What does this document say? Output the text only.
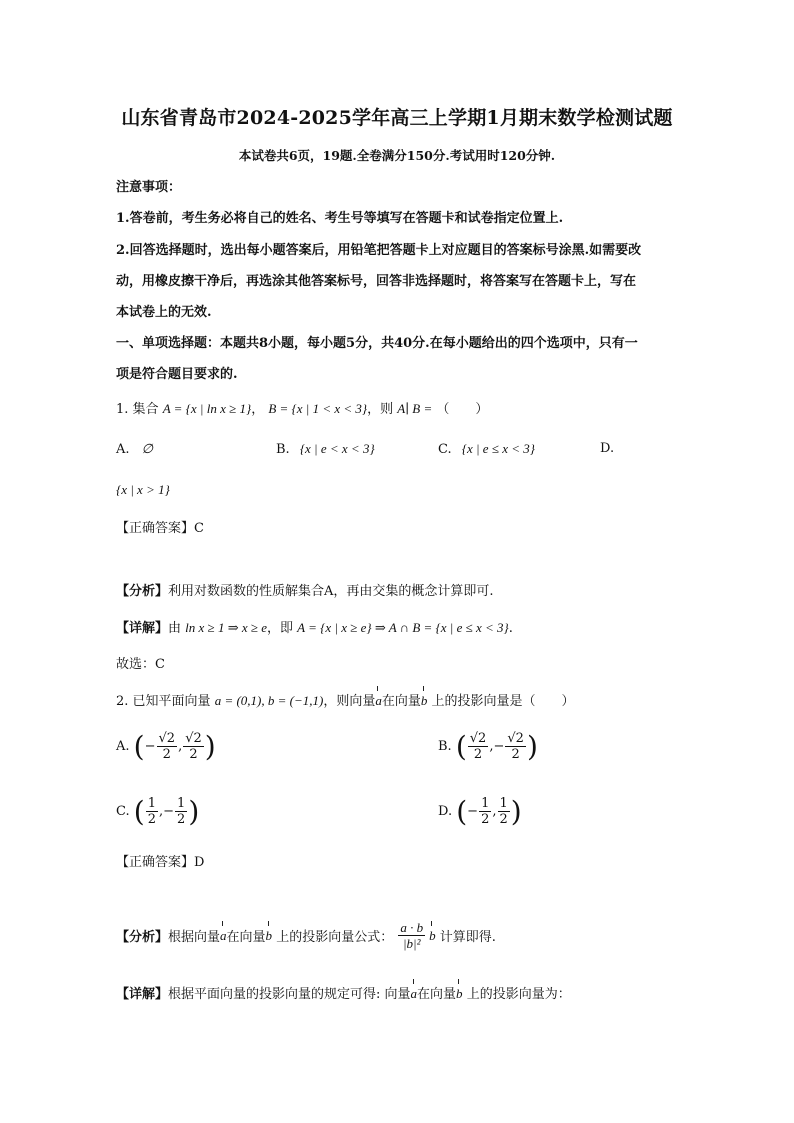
山东省青岛市2024-2025学年高三上学期1月期末数学检测试题
本试卷共6页，19题.全卷满分150分.考试用时120分钟.
注意事项：
1.答卷前，考生务必将自己的姓名、考生号等填写在答题卡和试卷指定位置上.
2.回答选择题时，选出每小题答案后，用铅笔把答题卡上对应题目的答案标号涂黑.如需要改
动，用橡皮擦干净后，再选涂其他答案标号，回答非选择题时，将答案写在答题卡上，写在
本试卷上的无效.
一、单项选择题：本题共8小题，每小题5分，共40分.在每小题给出的四个选项中，只有一
项是符合题目要求的.
1. 集合 A = {x | ln x ≥ 1}， B = {x | 1 < x < 3}，则 A∣ B = （　　）
A. ∅	B. {x | e < x < 3}	C. {x | e ≤ x < 3}	D.
{x | x > 1}
【正确答案】C
【分析】利用对数函数的性质解集合A，再由交集的概念计算即可.
【详解】由 ln x ≥ 1 ⇒ x ≥ e，即 A = {x | x ≥ e} ⇒ A ∩ B = {x | e ≤ x < 3}.
故选：C
2. 已知平面向量 a = (0,1), b = (−1,1)，则向量a在向量b 上的投影向量是（　　）
A. (− $\frac{√2}{2}$ , $\frac{√2}{2}$ )	B. ( $\frac{√2}{2}$ ,− $\frac{√2}{2}$ )
C. ( $\frac{1}{2}$ ,− $\frac{1}{2}$ )	D. (− $\frac{1}{2}$ , $\frac{1}{2}$ )
【正确答案】D
【分析】根据向量a在向量b 上的投影向量公式： $\frac{a \cdot b}{\text{|b|²}}$ b 计算即得.
【详解】根据平面向量的投影向量的规定可得: 向量a在向量b 上的投影向量为：
